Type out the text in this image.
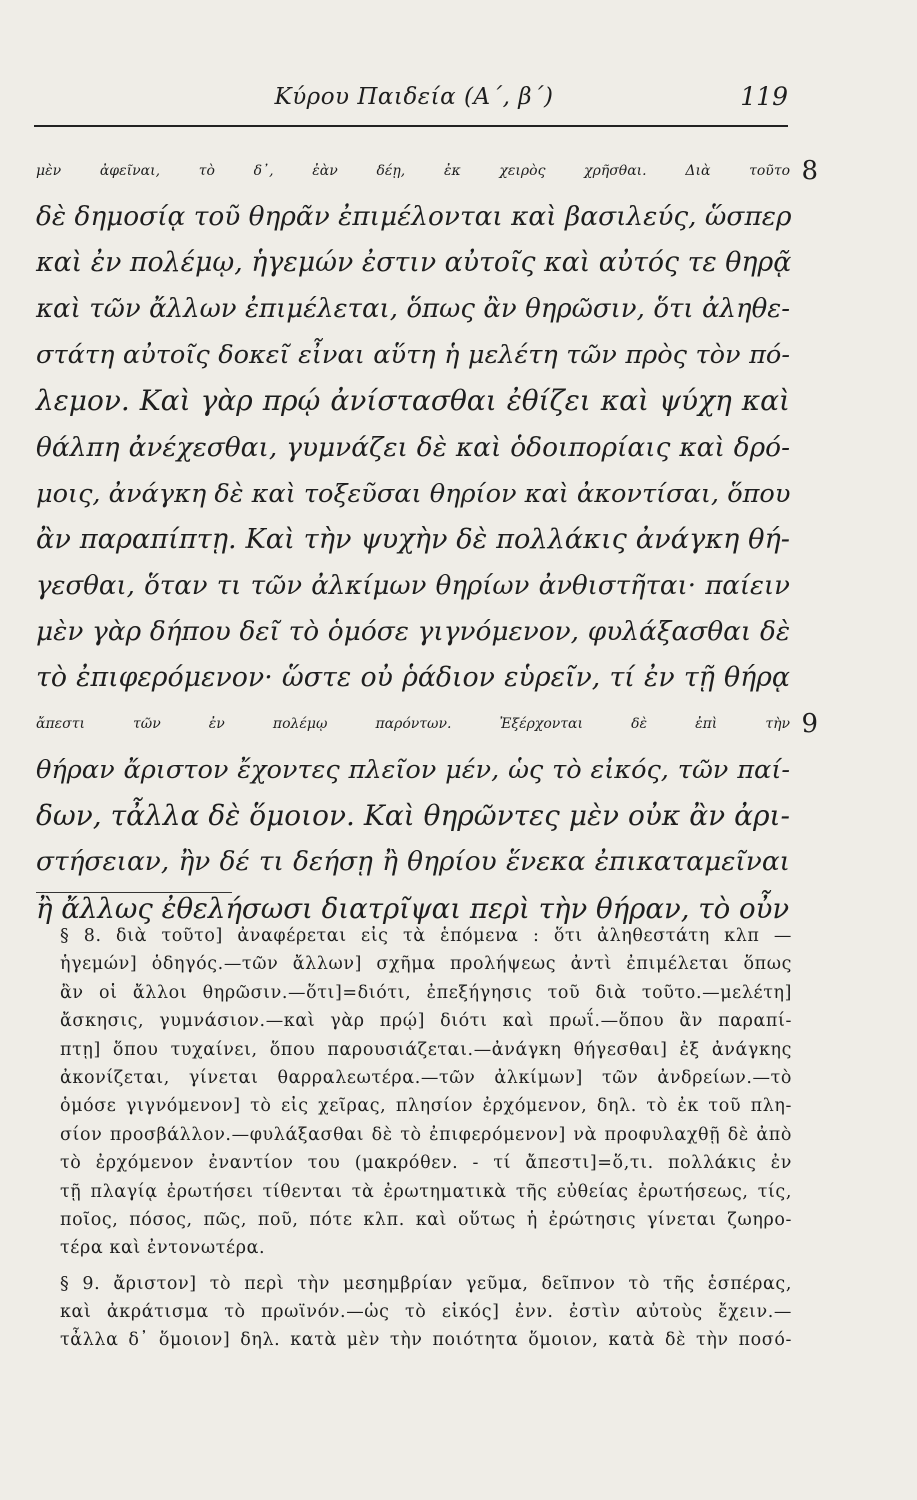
Κύρου Παιδεία (Α΄, β΄)	119
μὲν ἀφεῖναι, τὸ δ᾽, ἐὰν δέῃ, ἐκ χειρὸς χρῆσθαι. Διὰ τοῦτο 8
δὲ δημοσίᾳ τοῦ θηρᾶν ἐπιμέλονται καὶ βασιλεύς, ὥσπερ
καὶ ἐν πολέμῳ, ἡγεμών ἐστιν αὐτοῖς καὶ αὐτός τε θηρᾷ
καὶ τῶν ἄλλων ἐπιμέλεται, ὅπως ἂν θηρῶσιν, ὅτι ἀληθε-
στάτη αὐτοῖς δοκεῖ εἶναι αὕτη ἡ μελέτη τῶν πρὸς τὸν πό-
λεμον. Καὶ γὰρ πρῴ ἀνίστασθαι ἐθίζει καὶ ψύχη καὶ
θάλπη ἀνέχεσθαι, γυμνάζει δὲ καὶ ὁδοιπορίαις καὶ δρό-
μοις, ἀνάγκη δὲ καὶ τοξεῦσαι θηρίον καὶ ἀκοντίσαι, ὅπου
ἂν παραπίπτῃ. Καὶ τὴν ψυχὴν δὲ πολλάκις ἀνάγκη θή-
γεσθαι, ὅταν τι τῶν ἀλκίμων θηρίων ἀνθιστῆται· παίειν
μὲν γὰρ δήπου δεῖ τὸ ὁμόσε γιγνόμενον, φυλάξασθαι δὲ
τὸ ἐπιφερόμενον· ὥστε οὐ ῥάδιον εὑρεῖν, τί ἐν τῇ θήρᾳ
ἄπεστι τῶν ἐν πολέμῳ παρόντων. Ἐξέρχονται δὲ ἐπὶ τὴν 9
θήραν ἄριστον ἔχοντες πλεῖον μέν, ὡς τὸ εἰκός, τῶν παί-
δων, τἆλλα δὲ ὅμοιον. Καὶ θηρῶντες μὲν οὐκ ἂν ἀρι-
στήσειαν, ἢν δέ τι δεήσῃ ἢ θηρίου ἕνεκα ἐπικαταμεῖναι
ἢ ἄλλως ἐθελήσωσι διατρῖψαι περὶ τὴν θήραν, τὸ οὖν
§ 8. διὰ τοῦτο] ἀναφέρεται εἰς τὰ ἑπόμενα : ὅτι ἀληθεστάτη κλπ —
ἡγεμών] ὁδηγός.—τῶν ἄλλων] σχῆμα προλήψεως ἀντὶ ἐπιμέλεται ὅπως
ἂν οἱ ἄλλοι θηρῶσιν.—ὅτι]=διότι, ἐπεξήγησις τοῦ διὰ τοῦτο.—μελέτη]
ἄσκησις, γυμνάσιον.—καὶ γὰρ πρῴ] διότι καὶ πρωΐ.—ὅπου ἂν παραπί-
πτῃ] ὅπου τυχαίνει, ὅπου παρουσιάζεται.—ἀνάγκη θήγεσθαι] ἐξ ἀνάγκης
ἀκονίζεται, γίνεται θαρραλεωτέρα.—τῶν ἀλκίμων] τῶν ἀνδρείων.—τὸ
ὁμόσε γιγνόμενον] τὸ εἰς χεῖρας, πλησίον ἐρχόμενον, δηλ. τὸ ἐκ τοῦ πλη-
σίον προσβάλλον.—φυλάξασθαι δὲ τὸ ἐπιφερόμενον] νὰ προφυλαχθῇ δὲ ἀπὸ
τὸ ἐρχόμενον ἐναντίον του (μακρόθεν. - τί ἄπεστι]=ὅ,τι. πολλάκις ἐν
τῇ πλαγίᾳ ἐρωτήσει τίθενται τὰ ἐρωτηματικὰ τῆς εὐθείας ἐρωτήσεως, τίς,
ποῖος, πόσος, πῶς, ποῦ, πότε κλπ. καὶ οὕτως ἡ ἐρώτησις γίνεται ζωηρο-
τέρα καὶ ἐντονωτέρα.
§ 9. ἄριστον] τὸ περὶ τὴν μεσημβρίαν γεῦμα, δεῖπνον τὸ τῆς ἑσπέρας,
καὶ ἀκράτισμα τὸ πρωϊνόν.—ὡς τὸ εἰκός] ἐνν. ἐστὶν αὐτοὺς ἔχειν.—
τἆλλα δ᾽ ὅμοιον] δηλ. κατὰ μὲν τὴν ποιότητα ὅμοιον, κατὰ δὲ τὴν ποσό-
